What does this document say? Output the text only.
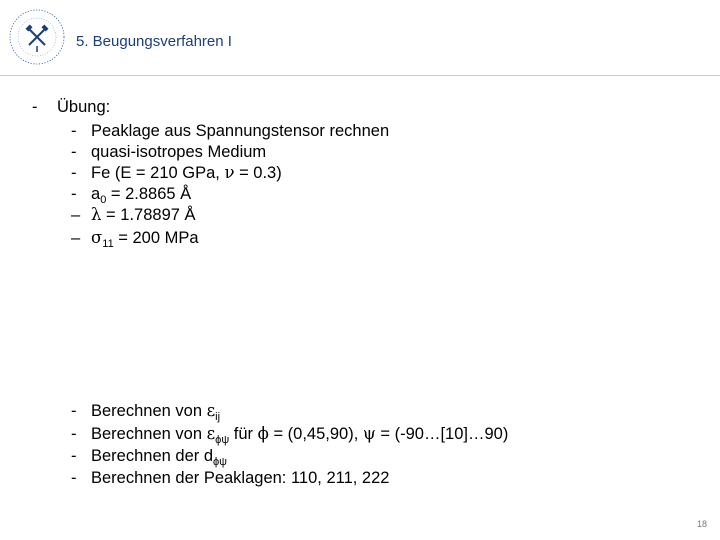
5. Beugungsverfahren I
- Übung:
- Peaklage aus Spannungstensor rechnen
- quasi-isotropes Medium
- Fe (E = 210 GPa, ν = 0.3)
- $a_0 = 2.8865$ Å
– λ = 1.78897 Å
– $\sigma_{11} = 200$ MPa
- Berechnen von $\varepsilon_{ij}$
- Berechnen von $\varepsilon_{\phi\psi}$ für ϕ = (0,45,90), ψ = (-90…[10]…90)
- Berechnen der $d_{\phi\psi}$
- Berechnen der Peaklagen: 110, 211, 222
18
